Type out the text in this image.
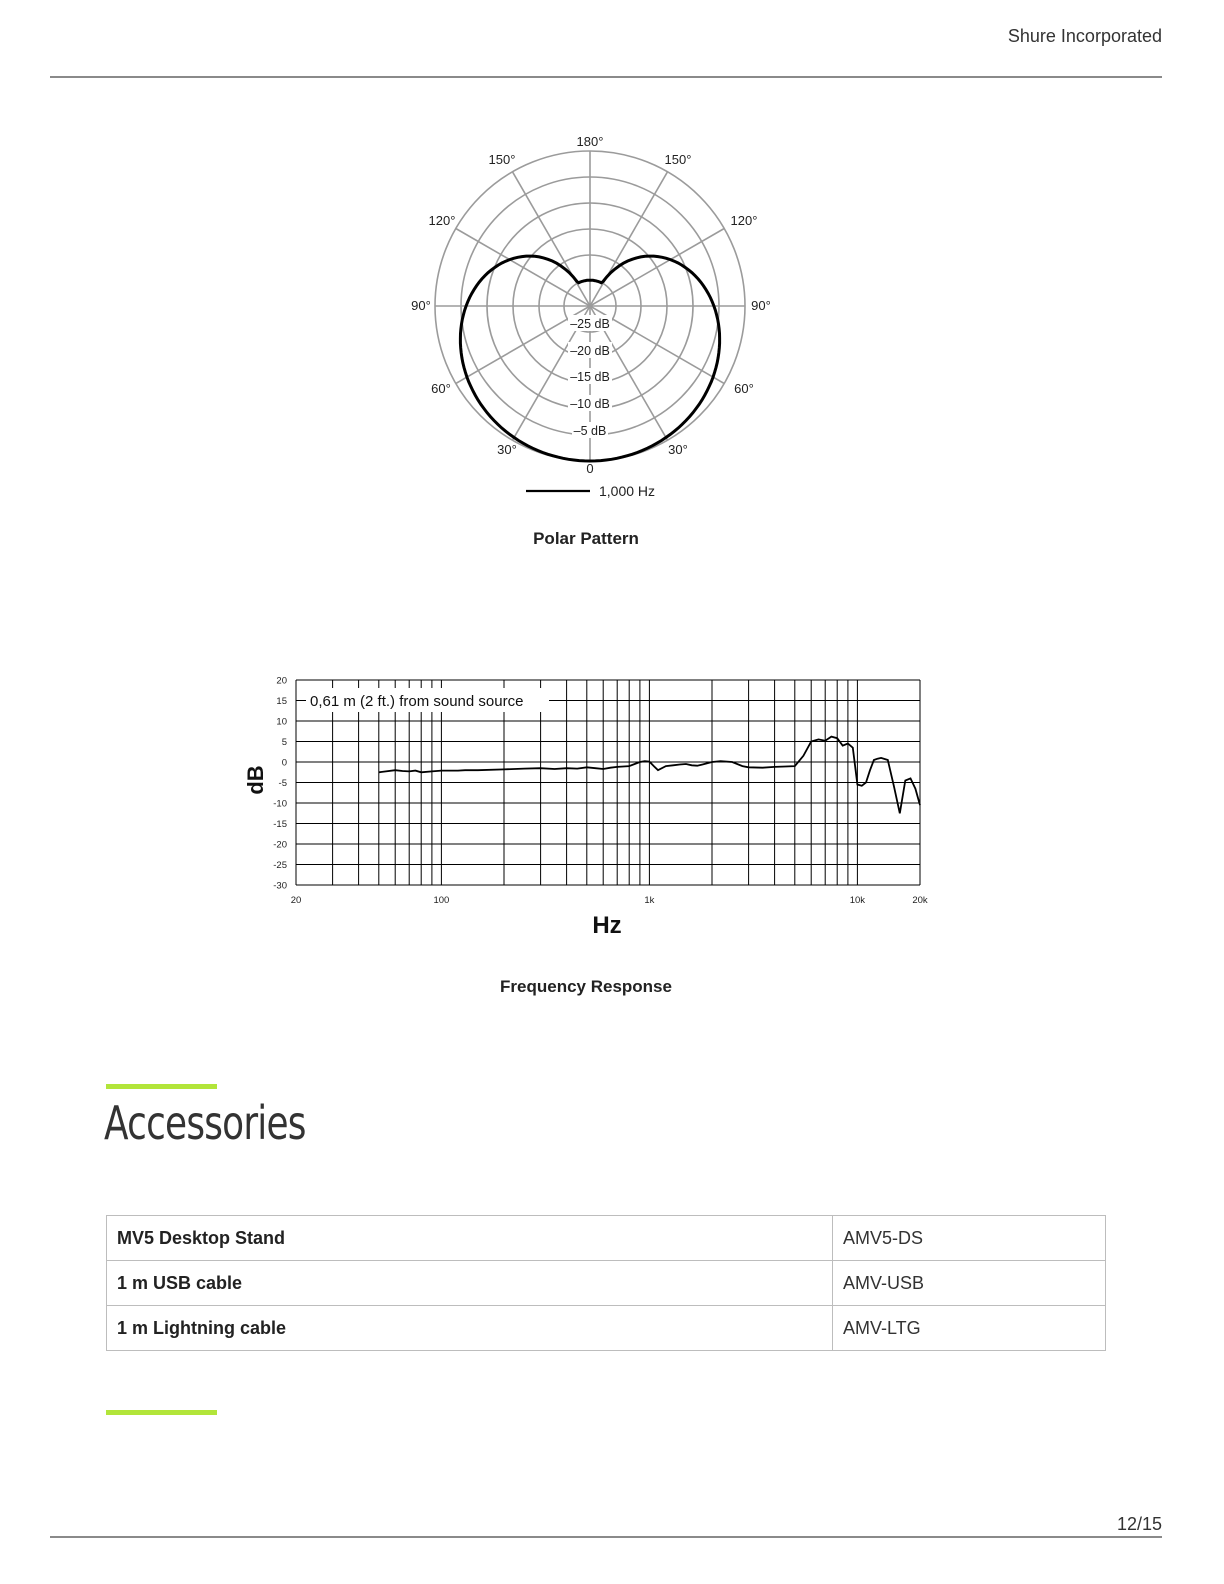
Shure Incorporated
–25 dB
–20 dB
–15 dB
–10 dB
–5 dB
180°
150°	150°
120°	120°
90°	90°
60°	60°
30°	30°
0
1,000 Hz
Polar Pattern
20
15
10
5
0
-5
-10
-15
-20
-25
-30
20	100	1k	10k	20k
0,61 m (2 ft.) from sound source
Hz
dB
Frequency Response
Accessories
MV5 Desktop Stand	AMV5-DS
1 m USB cable	AMV-USB
1 m Lightning cable	AMV-LTG
12/15
